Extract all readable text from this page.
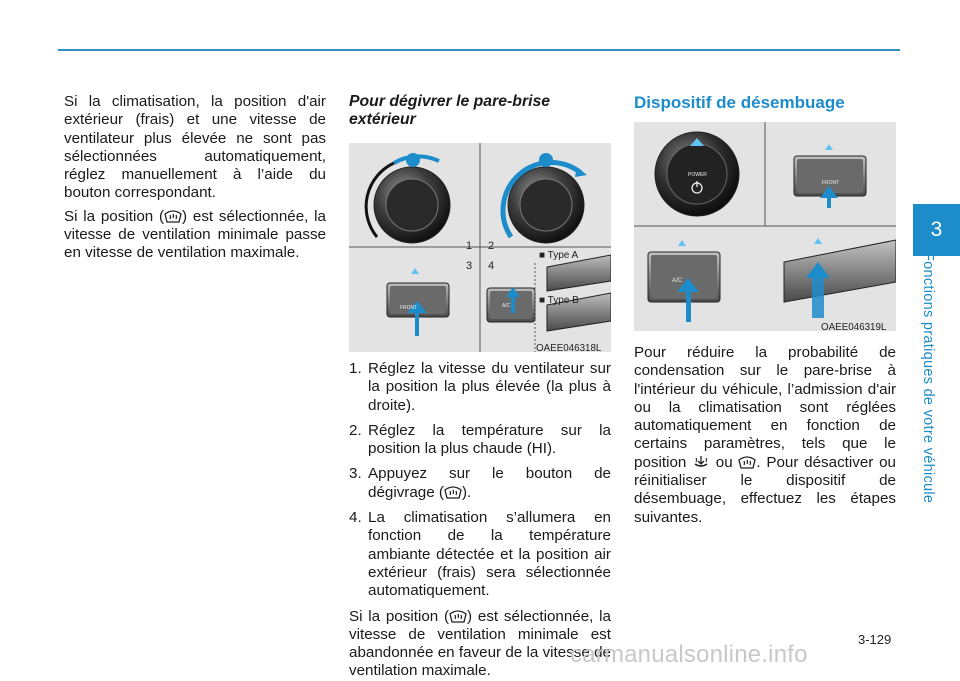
3
Fonctions pratiques de votre véhicule

Si la climatisation, la position d'air extérieur (frais) et une vitesse de ventilateur plus élevée ne sont pas sélectionnées automatiquement, réglez manuellement à l’aide du bouton correspondant.

Si la position ( ) est sélectionnée, la vitesse de ventilation minimale passe en vitesse de ventilation maximale.

Pour dégivrer le pare-brise extérieur
1 2
3 4
■ Type A
■ Type B
FRONT	A/C
OAEE046318L
1. Réglez la vitesse du ventilateur sur la position la plus élevée (la plus à droite).
2. Réglez la température sur la position la plus chaude (HI).
3. Appuyez sur le bouton de dégivrage ( ).
4. La climatisation s’allumera en fonction de la température ambiante détectée et la position air extérieur (frais) sera sélectionnée automatiquement.

Si la position ( ) est sélectionnée, la vitesse de ventilation minimale est abandonnée en faveur de la vitesse de ventilation maximale.

Dispositif de désembuage
POWER
FRONT
A/C
OAEE046319L

Pour réduire la probabilité de condensation sur le pare-brise à l'intérieur du véhicule, l’admission d'air ou la climatisation sont réglées automatiquement en fonction de certains paramètres, tels que le position ou . Pour désactiver ou réinitialiser le dispositif de désembuage, effectuez les étapes suivantes.

3-129
carmanualsonline.info
